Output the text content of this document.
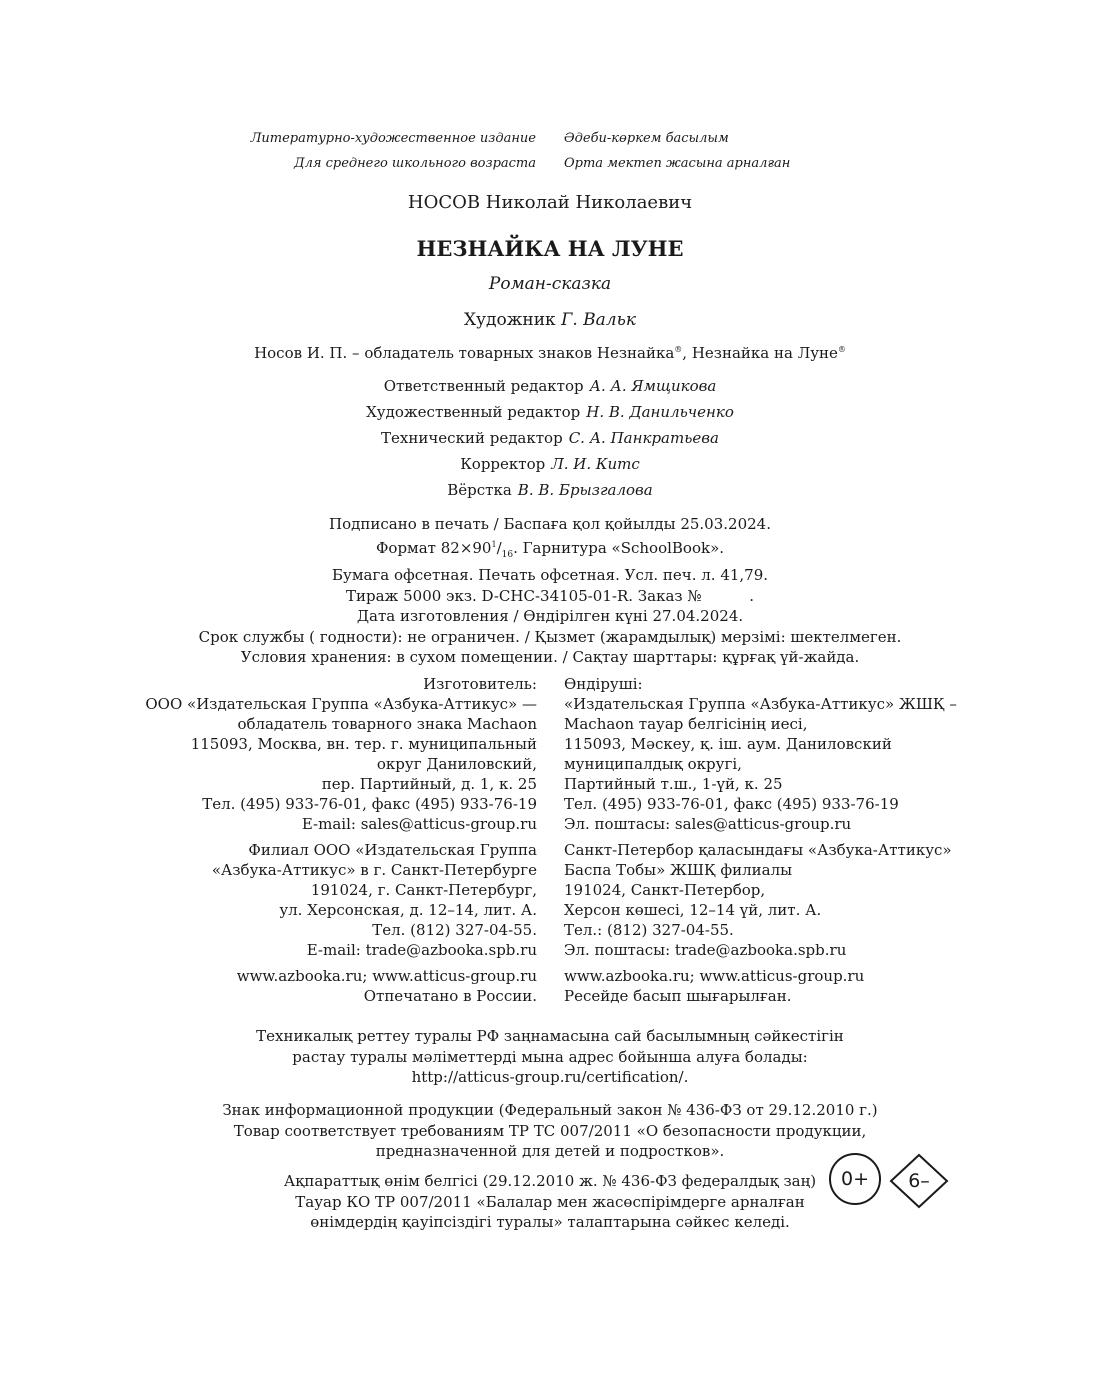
Литературно-художественное издание Әдеби-көркем басылым
Для среднего школьного возраста Орта мектеп жасына арналған
НОСОВ Николай Николаевич
НЕЗНАЙКА НА ЛУНЕ
Роман-сказка
Художник Г. Вальк
Носов И. П. – обладатель товарных знаков Незнайка®, Незнайка на Луне®
Ответственный редактор А. А. Ямщикова
Художественный редактор Н. В. Данильченко
Технический редактор С. А. Панкратьева
Корректор Л. И. Китс
Вёрстка В. В. Брызгалова
Подписано в печать / Баспаға қол қойылды 25.03.2024.
Формат $82\times 90^1/_{16}$. Гарнитура «SchoolBook».
Бумага офсетная. Печать офсетная. Усл. печ. л. 41,79.
Тираж 5000 экз. D-CHC-34105-01-R. Заказ №          .
Дата изготовления / Өндірілген күні 27.04.2024.
Срок службы ( годности): не ограничен. / Қызмет (жарамдылық) мерзімі: шектелмеген.
Условия хранения: в сухом помещении. / Сақтау шарттары: құрғақ үй-жайда.
Изготовитель:
ООО «Издательская Группа «Азбука-Аттикус» —
обладатель товарного знака Machaon
115093, Москва, вн. тер. г. муниципальный
округ Даниловский,
пер. Партийный, д. 1, к. 25
Тел. (495) 933-76-01, факс (495) 933-76-19
E-mail: sales@atticus-group.ru
Өндіруші:
«Издательская Группа «Азбука-Аттикус» ЖШҚ –
Machaon тауар белгісінің иесі,
115093, Мәскеу, қ. іш. аум. Даниловский
муниципалдық округі,
Партийный т.ш., 1-үй, к. 25
Тел. (495) 933-76-01, факс (495) 933-76-19
Эл. поштасы: sales@atticus-group.ru
Филиал ООО «Издательская Группа
«Азбука-Аттикус» в г. Санкт-Петербурге
191024, г. Санкт-Петербург,
ул. Херсонская, д. 12–14, лит. А.
Тел. (812) 327-04-55.
E-mail: trade@azbooka.spb.ru
Санкт-Петербор қаласындағы «Азбука-Аттикус»
Баспа Тобы» ЖШҚ филиалы
191024, Санкт-Петербор,
Херсон көшесі, 12–14 үй, лит. А.
Тел.: (812) 327-04-55.
Эл. поштасы: trade@azbooka.spb.ru
www.azbooka.ru; www.atticus-group.ru
Отпечатано в России.
www.azbooka.ru; www.atticus-group.ru
Ресейде басып шығарылған.
Техникалық реттеу туралы РФ заңнамасына сай басылымның сәйкестігін
растау туралы мәліметтерді мына адрес бойынша алуға болады:
http://atticus-group.ru/certification/.
Знак информационной продукции (Федеральный закон № 436-ФЗ от 29.12.2010 г.)
Товар соответствует требованиям ТР ТС 007/2011 «О безопасности продукции,
предназначенной для детей и подростков».
Ақпараттық өнім белгісі (29.12.2010 ж. № 436-ФЗ федералдық заң)
Тауар КО ТР 007/2011 «Балалар мен жасөспірімдерге арналған
өнімдердің қауіпсіздігі туралы» талаптарына сәйкес келеді.
0+	6–
